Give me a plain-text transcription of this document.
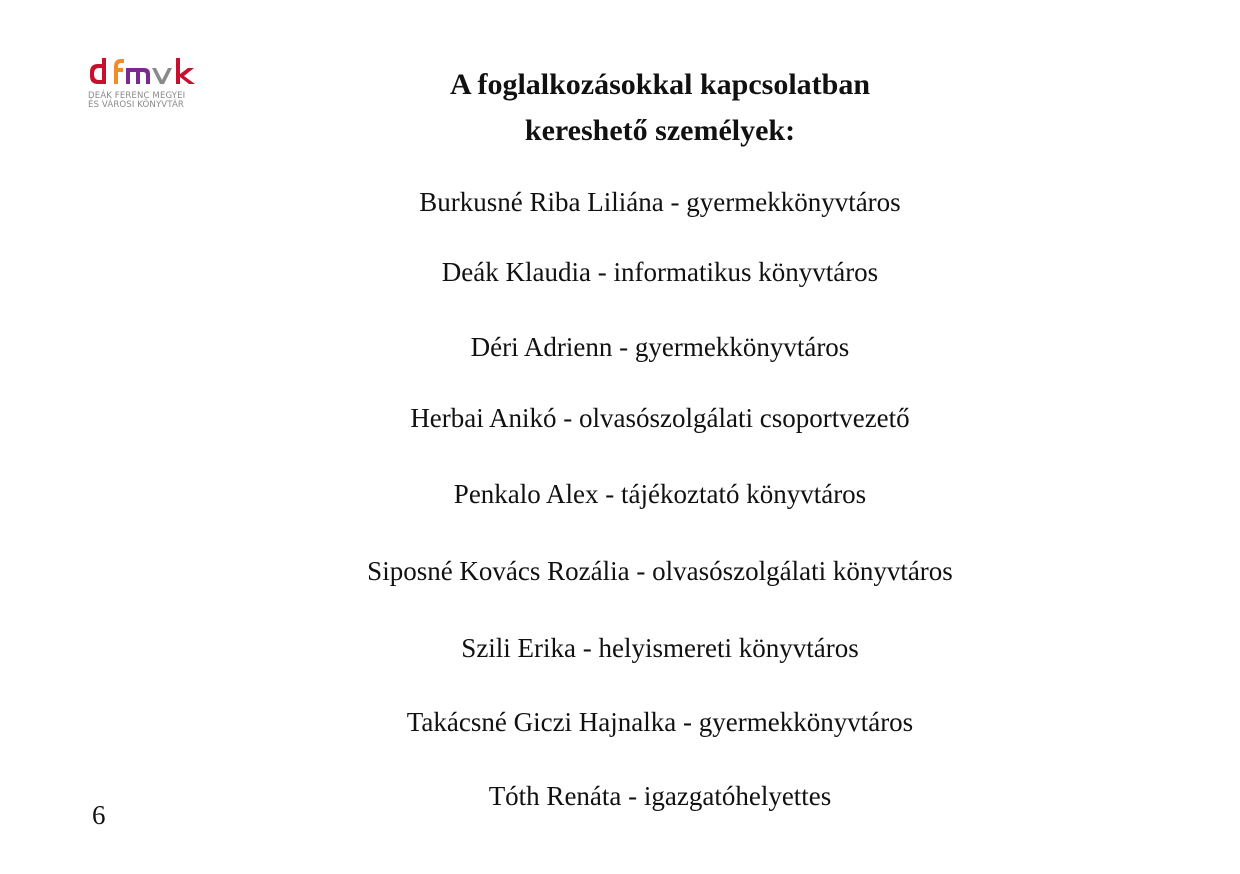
DEÁK FERENC MEGYEI
ÉS VÁROSI KÖNYVTÁR
A foglalkozásokkal kapcsolatban
kereshető személyek:

Burkusné Riba Liliána - gyermekkönyvtáros

Deák Klaudia - informatikus könyvtáros

Déri Adrienn - gyermekkönyvtáros

Herbai Anikó - olvasószolgálati csoportvezető

Penkalo Alex - tájékoztató könyvtáros

Siposné Kovács Rozália - olvasószolgálati könyvtáros

Szili Erika - helyismereti könyvtáros

Takácsné Giczi Hajnalka - gyermekkönyvtáros

Tóth Renáta - igazgatóhelyettes

6
